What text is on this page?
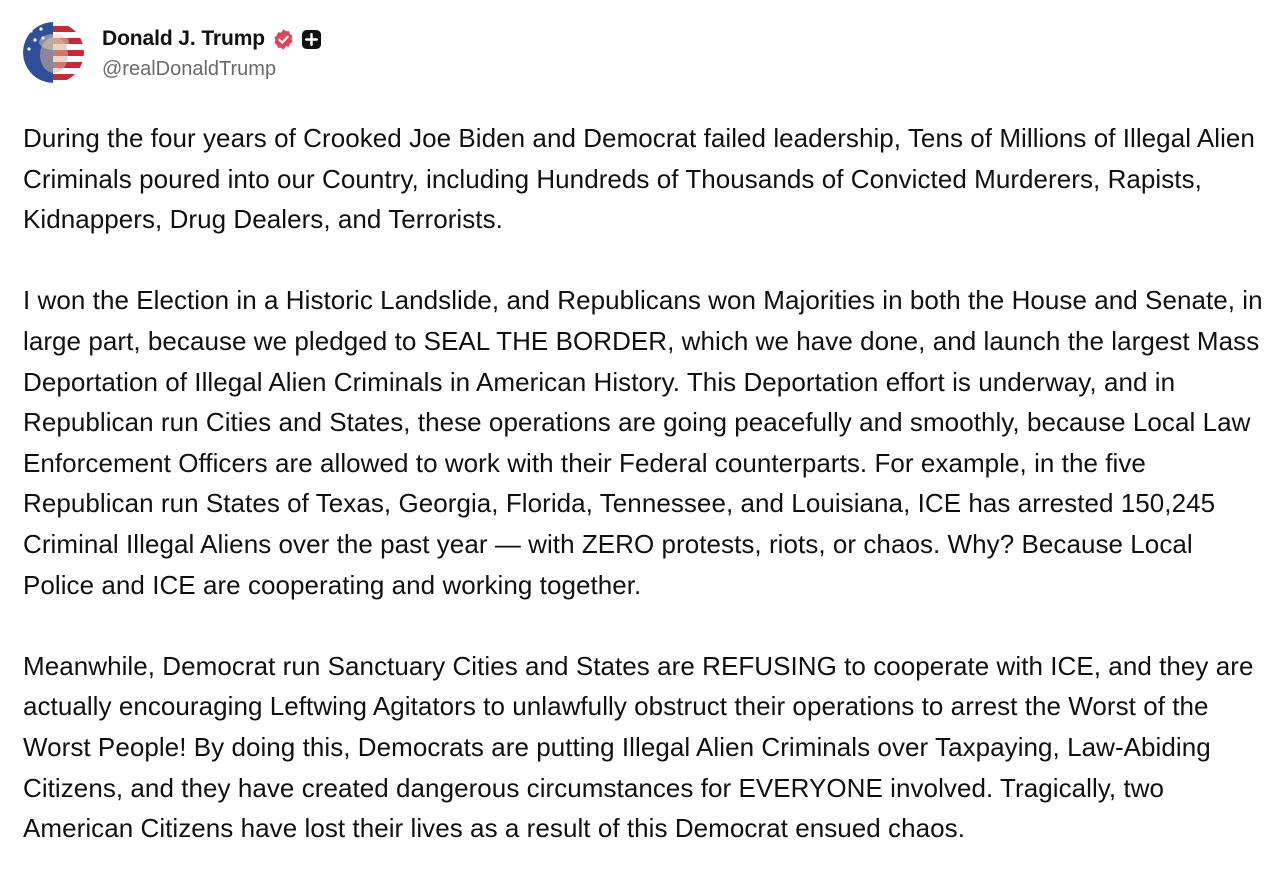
Donald J. Trump
@realDonaldTrump

During the four years of Crooked Joe Biden and Democrat failed leadership, Tens of Millions of Illegal Alien Criminals poured into our Country, including Hundreds of Thousands of Convicted Murderers, Rapists, Kidnappers, Drug Dealers, and Terrorists.

I won the Election in a Historic Landslide, and Republicans won Majorities in both the House and Senate, in large part, because we pledged to SEAL THE BORDER, which we have done, and launch the largest Mass Deportation of Illegal Alien Criminals in American History. This Deportation effort is underway, and in Republican run Cities and States, these operations are going peacefully and smoothly, because Local Law Enforcement Officers are allowed to work with their Federal counterparts. For example, in the five Republican run States of Texas, Georgia, Florida, Tennessee, and Louisiana, ICE has arrested 150,245 Criminal Illegal Aliens over the past year — with ZERO protests, riots, or chaos. Why? Because Local Police and ICE are cooperating and working together.

Meanwhile, Democrat run Sanctuary Cities and States are REFUSING to cooperate with ICE, and they are actually encouraging Leftwing Agitators to unlawfully obstruct their operations to arrest the Worst of the Worst People! By doing this, Democrats are putting Illegal Alien Criminals over Taxpaying, Law-Abiding Citizens, and they have created dangerous circumstances for EVERYONE involved. Tragically, two American Citizens have lost their lives as a result of this Democrat ensued chaos.
